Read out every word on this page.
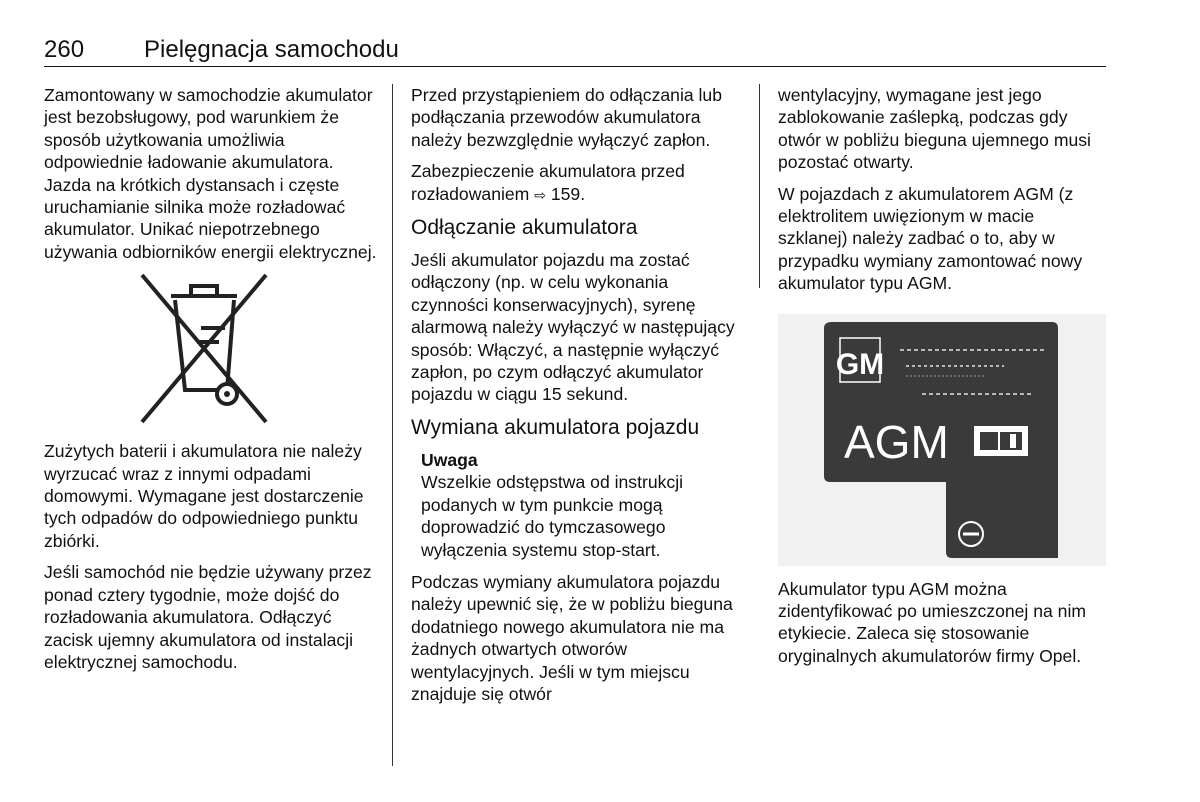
260 Pielęgnacja samochodu

Zamontowany w samochodzie akumulator jest bezobsługowy, pod warunkiem że sposób użytkowania umożliwia odpowiednie ładowanie akumulatora. Jazda na krótkich dystansach i częste uruchamianie silnika może rozładować akumulator. Unikać niepotrzebnego używania odbiorników energii elektrycznej.

Zużytych baterii i akumulatora nie należy wyrzucać wraz z innymi odpadami domowymi. Wymagane jest dostarczenie tych odpadów do odpowiedniego punktu zbiórki.

Jeśli samochód nie będzie używany przez ponad cztery tygodnie, może dojść do rozładowania akumulatora. Odłączyć zacisk ujemny akumulatora od instalacji elektrycznej samochodu.

Przed przystąpieniem do odłączania lub podłączania przewodów akumulatora należy bezwzględnie wyłączyć zapłon.

Zabezpieczenie akumulatora przed rozładowaniem ⇨ 159.

Odłączanie akumulatora

Jeśli akumulator pojazdu ma zostać odłączony (np. w celu wykonania czynności konserwacyjnych), syrenę alarmową należy wyłączyć w następujący sposób: Włączyć, a następnie wyłączyć zapłon, po czym odłączyć akumulator pojazdu w ciągu 15 sekund.

Wymiana akumulatora pojazdu
Uwaga
Wszelkie odstępstwa od instrukcji podanych w tym punkcie mogą doprowadzić do tymczasowego wyłączenia systemu stop-start.

Podczas wymiany akumulatora pojazdu należy upewnić się, że w pobliżu bieguna dodatniego nowego akumulatora nie ma żadnych otwartych otworów wentylacyjnych. Jeśli w tym miejscu znajduje się otwór

wentylacyjny, wymagane jest jego zablokowanie zaślepką, podczas gdy otwór w pobliżu bieguna ujemnego musi pozostać otwarty.

W pojazdach z akumulatorem AGM (z elektrolitem uwięzionym w macie szklanej) należy zadbać o to, aby w przypadku wymiany zamontować nowy akumulator typu AGM.

GM
AGM

Akumulator typu AGM można zidentyfikować po umieszczonej na nim etykiecie. Zaleca się stosowanie oryginalnych akumulatorów firmy Opel.
